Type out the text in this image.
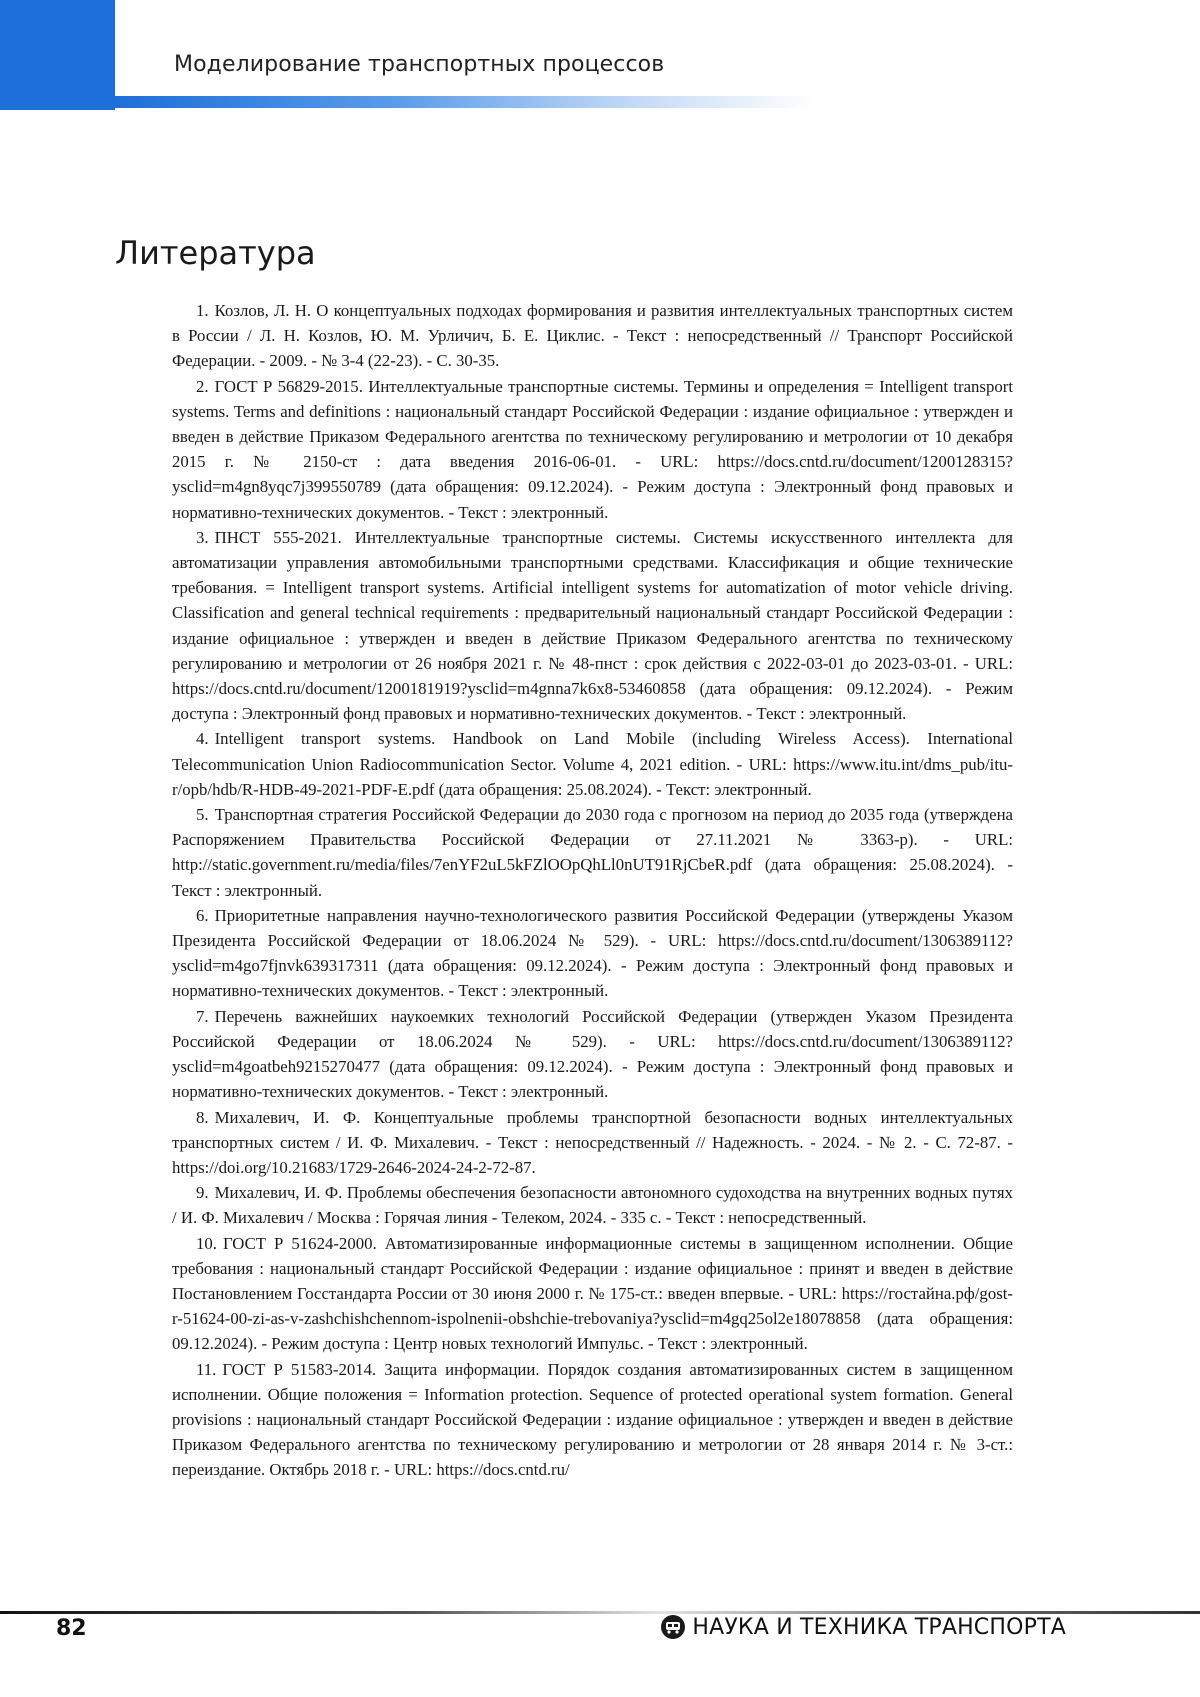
Моделирование транспортных процессов
Литература
1. Козлов, Л. Н. О концептуальных подходах формирования и развития интеллектуальных транспортных систем в России / Л. Н. Козлов, Ю. М. Урличич, Б. Е. Циклис. - Текст : непосредственный // Транспорт Российской Федерации. - 2009. - № 3-4 (22-23). - С. 30-35.
2. ГОСТ Р 56829-2015. Интеллектуальные транспортные системы. Термины и определения = Intelligent transport systems. Terms and definitions : национальный стандарт Российской Федерации : издание официальное : утвержден и введен в действие Приказом Федерального агентства по техническому регулированию и метрологии от 10 декабря 2015 г. № 2150-ст : дата введения 2016-06-01. - URL: https://docs.cntd.ru/document/1200128315?ysclid=m4gn8yqc7j399550789 (дата обращения: 09.12.2024). - Режим доступа : Электронный фонд правовых и нормативно-технических документов. - Текст : электронный.
3. ПНСТ 555-2021. Интеллектуальные транспортные системы. Системы искусственного интеллекта для автоматизации управления автомобильными транспортными средствами. Классификация и общие технические требования. = Intelligent transport systems. Artificial intelligent systems for automatization of motor vehicle driving. Classification and general technical requirements : предварительный национальный стандарт Российской Федерации : издание официальное : утвержден и введен в действие Приказом Федерального агентства по техническому регулированию и метрологии от 26 ноября 2021 г. № 48-пнст : срок действия с 2022-03-01 до 2023-03-01. - URL: https://docs.cntd.ru/document/1200181919?ysclid=m4gnna7k6x8-53460858 (дата обращения: 09.12.2024). - Режим доступа : Электронный фонд правовых и нормативно-технических документов. - Текст : электронный.
4. Intelligent transport systems. Handbook on Land Mobile (including Wireless Access). International Telecommunication Union Radiocommunication Sector. Volume 4, 2021 edition. - URL: https://www.itu.int/dms_pub/itu-r/opb/hdb/R-HDB-49-2021-PDF-E.pdf (дата обращения: 25.08.2024). - Текст: электронный.
5. Транспортная стратегия Российской Федерации до 2030 года с прогнозом на период до 2035 года (утверждена Распоряжением Правительства Российской Федерации от 27.11.2021 № 3363-р). - URL: http://static.government.ru/media/files/7enYF2uL5kFZlOOpQhLl0nUT91RjCbeR.pdf (дата обращения: 25.08.2024). - Текст : электронный.
6. Приоритетные направления научно-технологического развития Российской Федерации (утверждены Указом Президента Российской Федерации от 18.06.2024 № 529). - URL: https://docs.cntd.ru/document/1306389112?ysclid=m4go7fjnvk639317311 (дата обращения: 09.12.2024). - Режим доступа : Электронный фонд правовых и нормативно-технических документов. - Текст : электронный.
7. Перечень важнейших наукоемких технологий Российской Федерации (утвержден Указом Президента Российской Федерации от 18.06.2024 № 529). - URL: https://docs.cntd.ru/document/1306389112?ysclid=m4goatbeh9215270477 (дата обращения: 09.12.2024). - Режим доступа : Электронный фонд правовых и нормативно-технических документов. - Текст : электронный.
8. Михалевич, И. Ф. Концептуальные проблемы транспортной безопасности водных интеллектуальных транспортных систем / И. Ф. Михалевич. - Текст : непосредственный // Надежность. - 2024. - № 2. - С. 72-87. - https://doi.org/10.21683/1729-2646-2024-24-2-72-87.
9. Михалевич, И. Ф. Проблемы обеспечения безопасности автономного судоходства на внутренних водных путях / И. Ф. Михалевич / Москва : Горячая линия - Телеком, 2024. - 335 с. - Текст : непосредственный.
10. ГОСТ Р 51624-2000. Автоматизированные информационные системы в защищенном исполнении. Общие требования : национальный стандарт Российской Федерации : издание официальное : принят и введен в действие Постановлением Госстандарта России от 30 июня 2000 г. № 175-ст.: введен впервые. - URL: https://гостайна.рф/gost-r-51624-00-zi-as-v-zashchishchennom-ispolnenii-obshchie-trebovaniya?ysclid=m4gq25ol2e18078858 (дата обращения: 09.12.2024). - Режим доступа : Центр новых технологий Импульс. - Текст : электронный.
11. ГОСТ Р 51583-2014. Защита информации. Порядок создания автоматизированных систем в защищенном исполнении. Общие положения = Information protection. Sequence of protected operational system formation. General provisions : национальный стандарт Российской Федерации : издание официальное : утвержден и введен в действие Приказом Федерального агентства по техническому регулированию и метрологии от 28 января 2014 г. № 3-ст.: переиздание. Октябрь 2018 г. - URL: https://docs.cntd.ru/
82	НАУКА И ТЕХНИКА ТРАНСПОРТА
